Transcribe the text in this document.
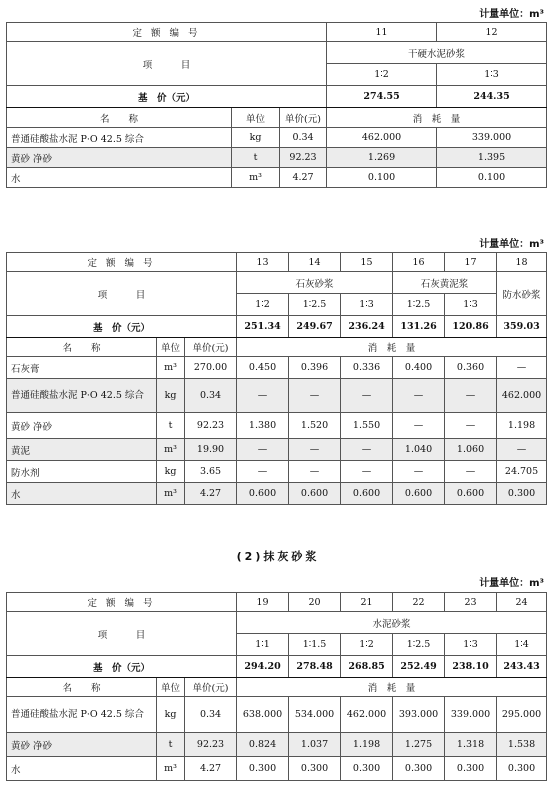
计量单位：m³
定 额 编 号			11	12
项　　　目			干硬水泥砂浆	
			1∶2	1∶3
基　价（元）			274.55	244.35
名　　称	单位	单价(元)	消　耗　量	
普通硅酸盐水泥 P·O 42.5 综合	kg	0.34	462.000	339.000
黄砂 净砂	t	92.23	1.269	1.395
水	m³	4.27	0.100	0.100
计量单位：m³
定 额 编 号			13	14	15	16	17	18
项　　　目			石灰砂浆			石灰黄泥浆		防水砂浆
			1∶2	1∶2.5	1∶3	1∶2.5	1∶3	
基　价（元）			251.34	249.67	236.24	131.26	120.86	359.03
名　　称	单位	单价(元)	消　耗　量					
石灰膏	m³	270.00	0.450	0.396	0.336	0.400	0.360	—
普通硅酸盐水泥 P·O 42.5 综合	kg	0.34	—	—	—	—	—	462.000
黄砂 净砂	t	92.23	1.380	1.520	1.550	—	—	1.198
黄泥	m³	19.90	—	—	—	1.040	1.060	—
防水剂	kg	3.65	—	—	—	—	—	24.705
水	m³	4.27	0.600	0.600	0.600	0.600	0.600	0.300
(2)抹灰砂浆
计量单位：m³
定 额 编 号			19	20	21	22	23	24
项　　　目			水泥砂浆					
			1∶1	1∶1.5	1∶2	1∶2.5	1∶3	1∶4
基　价（元）			294.20	278.48	268.85	252.49	238.10	243.43
名　　称	单位	单价(元)	消　耗　量					
普通硅酸盐水泥 P·O 42.5 综合	kg	0.34	638.000	534.000	462.000	393.000	339.000	295.000
黄砂 净砂	t	92.23	0.824	1.037	1.198	1.275	1.318	1.538
水	m³	4.27	0.300	0.300	0.300	0.300	0.300	0.300
